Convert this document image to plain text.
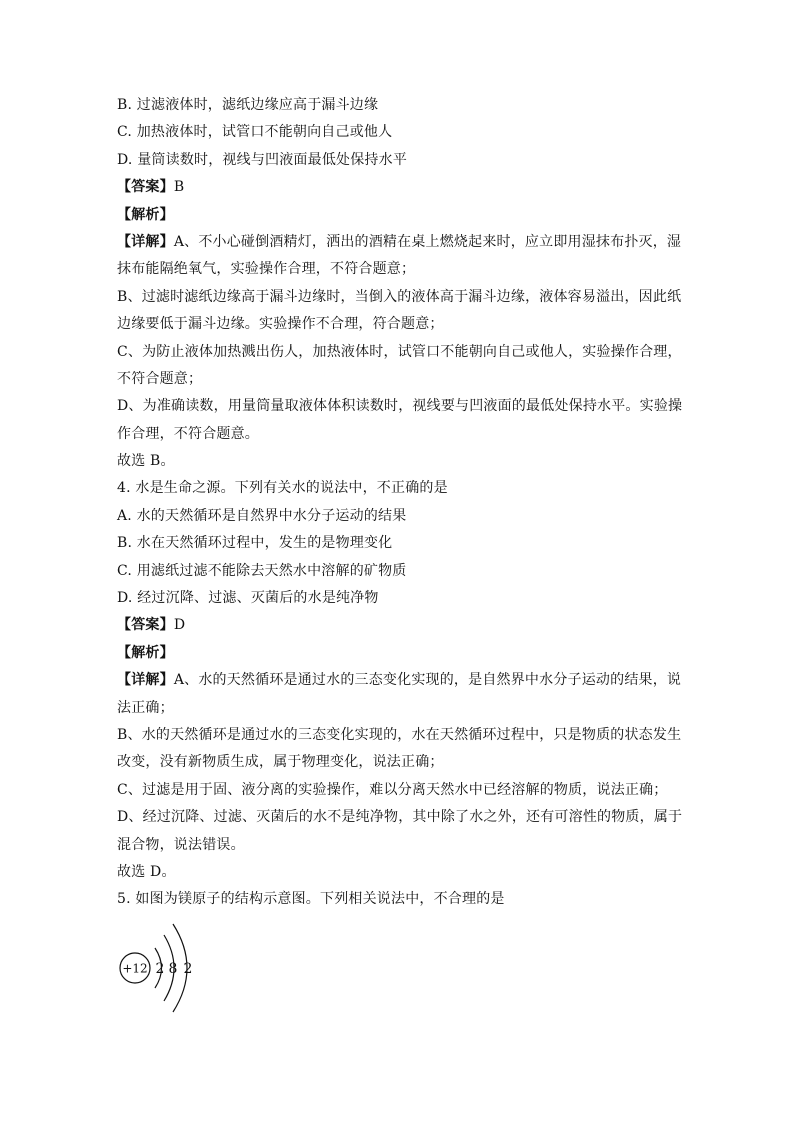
B. 过滤液体时，滤纸边缘应高于漏斗边缘
C. 加热液体时，试管口不能朝向自己或他人
D. 量筒读数时，视线与凹液面最低处保持水平
【答案】B
【解析】
【详解】A、不小心碰倒酒精灯，洒出的酒精在桌上燃烧起来时，应立即用湿抹布扑灭，湿
抹布能隔绝氧气，实验操作合理，不符合题意；
B、过滤时滤纸边缘高于漏斗边缘时，当倒入的液体高于漏斗边缘，液体容易溢出，因此纸
边缘要低于漏斗边缘。实验操作不合理，符合题意；
C、为防止液体加热溅出伤人，加热液体时，试管口不能朝向自己或他人，实验操作合理，
不符合题意；
D、为准确读数，用量筒量取液体体积读数时，视线要与凹液面的最低处保持水平。实验操
作合理，不符合题意。
故选 B。
4. 水是生命之源。下列有关水的说法中，不正确的是
A. 水的天然循环是自然界中水分子运动的结果
B. 水在天然循环过程中，发生的是物理变化
C. 用滤纸过滤不能除去天然水中溶解的矿物质
D. 经过沉降、过滤、灭菌后的水是纯净物
【答案】D
【解析】
【详解】A、水的天然循环是通过水的三态变化实现的，是自然界中水分子运动的结果，说
法正确；
B、水的天然循环是通过水的三态变化实现的，水在天然循环过程中，只是物质的状态发生
改变，没有新物质生成，属于物理变化，说法正确；
C、过滤是用于固、液分离的实验操作，难以分离天然水中已经溶解的物质，说法正确；
D、经过沉降、过滤、灭菌后的水不是纯净物，其中除了水之外，还有可溶性的物质，属于
混合物，说法错误。
故选 D。
5. 如图为镁原子的结构示意图。下列相关说法中，不合理的是
+12 2 8 2
